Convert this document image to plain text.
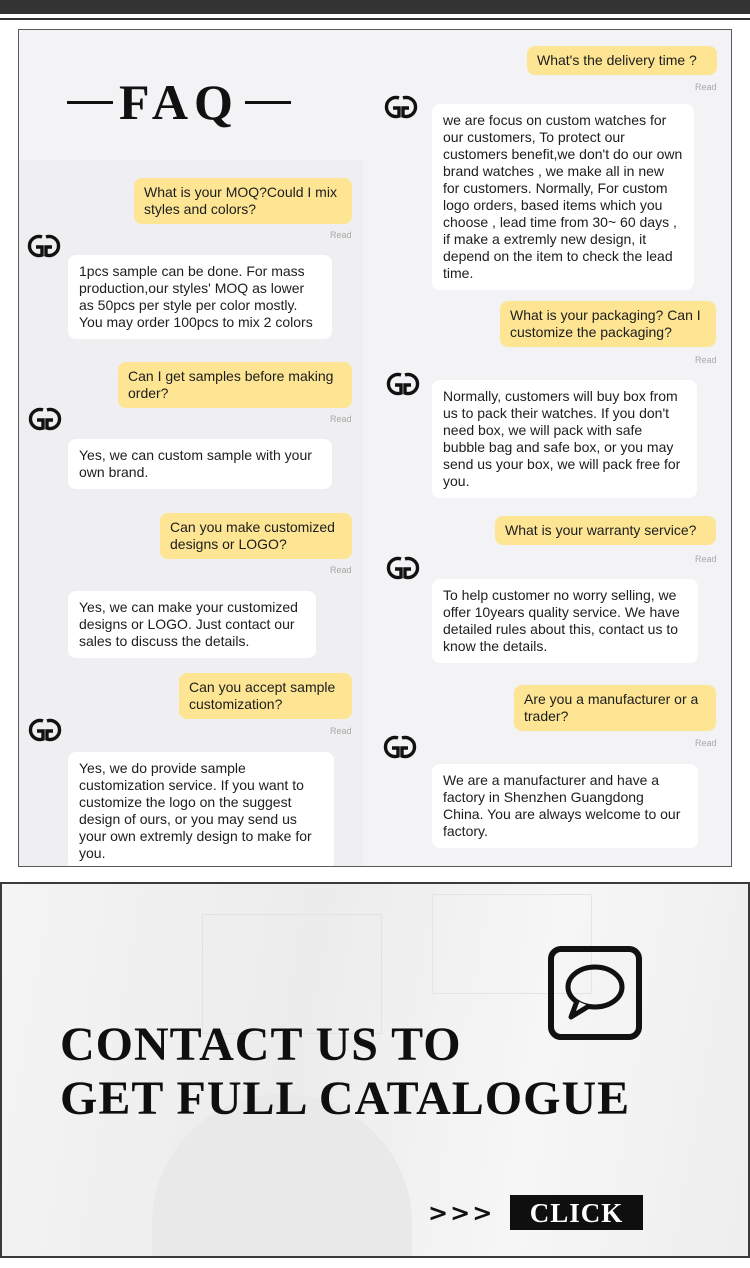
FAQ
What is your MOQ?Could I mix styles and colors?
Read
1pcs sample can be done. For mass production,our styles' MOQ as lower as 50pcs per style per color mostly. You may order 100pcs to mix 2 colors
Can I get samples before making order?
Read
Yes, we can custom sample with your own brand.
Can you make customized designs or LOGO?
Read
Yes, we can make your customized designs or LOGO. Just contact our sales to discuss the details.
Can you accept sample customization?
Read
Yes, we do provide sample customization service. If you want to customize the logo on the suggest design of ours, or you may send us your own extremly design to make for you.
What's the delivery time ?
Read
we are focus on custom watches for our customers, To protect our customers benefit,we don't do our own brand watches , we make all in new for customers. Normally, For custom logo orders, based items which you choose , lead time from 30~ 60 days , if make a extremly new design, it depend on the item to check the lead time.
What is your packaging? Can I customize the packaging?
Read
Normally, customers will buy box from us to pack their watches. If you don't need box, we will pack with safe bubble bag and safe box, or you may send us your box, we will pack free for you.
What is your warranty service?
Read
To help customer no worry selling, we offer 10years quality service. We have detailed rules about this, contact us to know the details.
Are you a manufacturer or a trader?
Read
We are a manufacturer and have a factory in Shenzhen Guangdong China. You are always welcome to our factory.
CONTACT US TO
GET FULL CATALOGUE
>>>	CLICK
